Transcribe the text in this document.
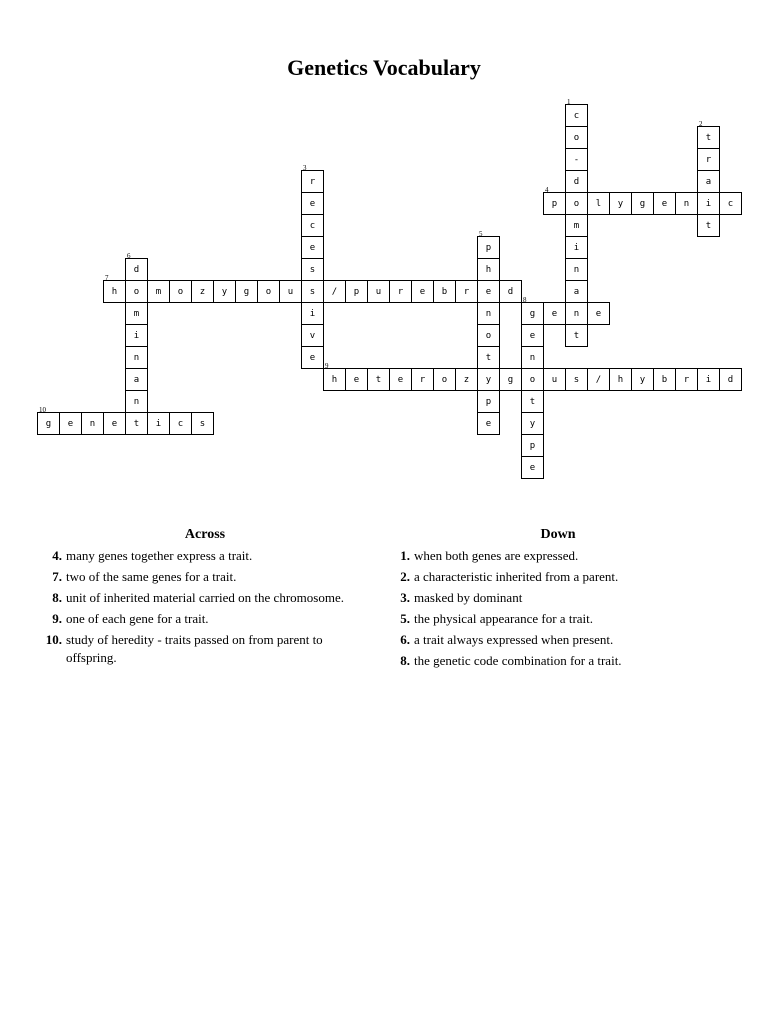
Genetics Vocabulary
c
1
o
-
d
o
m
i
n
a
n
t
t
2
r
a
i
t
r
3
e
c
e
s
s
i
v
e
p
4
l	y	g	e	n	c
p
5
h
e
n
o
t
y
p
e
d
6
o
m
i
n
a
n
t
h
7
m	o	z	y	g	o	u	/	p	u	r	e	b	r	d
g
8
e	e
e
n
o
t
y
p
e
h
9
e	t	e	r	o	z	g	u	s	/	h	y	b	r	i	d
g
10
e	n	e	i	c	s
Across
4. many genes together express a trait.
7. two of the same genes for a trait.
8. unit of inherited material carried on the chromosome.
9. one of each gene for a trait.
10. study of heredity - traits passed on from parent to offspring.
Down
1. when both genes are expressed.
2. a characteristic inherited from a parent.
3. masked by dominant
5. the physical appearance for a trait.
6. a trait always expressed when present.
8. the genetic code combination for a trait.
